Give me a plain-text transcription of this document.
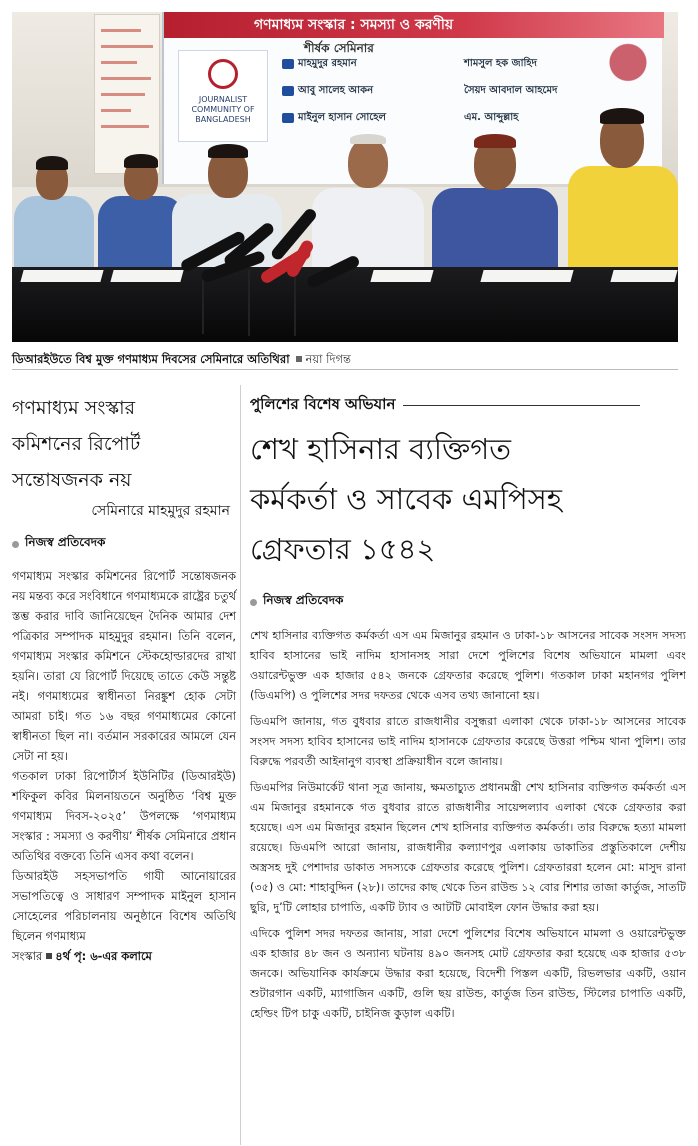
গণমাধ্যম সংস্কার : সমস্যা ও করণীয়
শীর্ষক সেমিনার
JOURNALIST COMMUNITY OF BANGLADESH
মাহমুদুর রহমান
আবু সালেহ আকন
মাইনুল হাসান সোহেল
শামসুল হক জাহিদ
সৈয়দ আবদাল আহমেদ
এম. আব্দুল্লাহ
ডিআরইউতে বিশ্ব মুক্ত গণমাধ্যম দিবসের সেমিনারে অতিথিরা নয়া দিগন্ত
গণমাধ্যম সংস্কার
কমিশনের রিপোর্ট
সন্তোষজনক নয়
সেমিনারে মাহমুদুর রহমান
নিজস্ব প্রতিবেদক

গণমাধ্যম সংস্কার কমিশনের রিপোর্ট সন্তোষজনক নয় মন্তব্য করে সংবিধানে গণমাধ্যমকে রাষ্ট্রের চতুর্থ স্তম্ভ করার দাবি জানিয়েছেন দৈনিক আমার দেশ পত্রিকার সম্পাদক মাহমুদুর রহমান। তিনি বলেন, গণমাধ্যম সংস্কার কমিশনে স্টেকহোল্ডারদের রাখা হয়নি। তারা যে রিপোর্ট দিয়েছে তাতে কেউ সন্তুষ্ট নই। গণমাধ্যমের স্বাধীনতা নিরঙ্কুশ হোক সেটা আমরা চাই। গত ১৬ বছর গণমাধ্যমের কোনো স্বাধীনতা ছিল না। বর্তমান সরকারের আমলে যেন সেটা না হয়।

গতকাল ঢাকা রিপোর্টার্স ইউনিটির (ডিআরইউ) শফিকুল কবির মিলনায়তনে অনুষ্ঠিত ‘বিশ্ব মুক্ত গণমাধ্যম দিবস-২০২৫’ উপলক্ষে ‘গণমাধ্যম সংস্কার : সমস্যা ও করণীয়’ শীর্ষক সেমিনারে প্রধান অতিথির বক্তব্যে তিনি এসব কথা বলেন।

ডিআরইউ সহসভাপতি গাযী আনোয়ারের সভাপতিত্বে ও সাধারণ সম্পাদক মাইনুল হাসান সোহেলের পরিচালনায় অনুষ্ঠানে বিশেষ অতিথি ছিলেন গণমাধ্যম

সংস্কার ৪র্থ পৃ: ৬-এর কলামে
পুলিশের বিশেষ অভিযান
শেখ হাসিনার ব্যক্তিগত
কর্মকর্তা ও সাবেক এমপিসহ
গ্রেফতার ১৫৪২
নিজস্ব প্রতিবেদক

শেখ হাসিনার ব্যক্তিগত কর্মকর্তা এস এম মিজানুর রহমান ও ঢাকা-১৮ আসনের সাবেক সংসদ সদস্য হাবিব হাসানের ভাই নাদিম হাসানসহ সারা দেশে পুলিশের বিশেষ অভিযানে মামলা এবং ওয়ারেন্টভুক্ত এক হাজার ৫৪২ জনকে গ্রেফতার করেছে পুলিশ। গতকাল ঢাকা মহানগর পুলিশ (ডিএমপি) ও পুলিশের সদর দফতর থেকে এসব তথ্য জানানো হয়।

ডিএমপি জানায়, গত বুধবার রাতে রাজধানীর বসুন্ধরা এলাকা থেকে ঢাকা-১৮ আসনের সাবেক সংসদ সদস্য হাবিব হাসানের ভাই নাদিম হাসানকে গ্রেফতার করেছে উত্তরা পশ্চিম থানা পুলিশ। তার বিরুদ্ধে পরবর্তী আইনানুগ ব্যবস্থা প্রক্রিয়াধীন বলে জানায়।

ডিএমপির নিউমার্কেট থানা সূত্র জানায়, ক্ষমতাচ্যুত প্রধানমন্ত্রী শেখ হাসিনার ব্যক্তিগত কর্মকর্তা এস এম মিজানুর রহমানকে গত বুধবার রাতে রাজধানীর সায়েন্সল্যাব এলাকা থেকে গ্রেফতার করা হয়েছে। এস এম মিজানুর রহমান ছিলেন শেখ হাসিনার ব্যক্তিগত কর্মকর্তা। তার বিরুদ্ধে হত্যা মামলা রয়েছে। ডিএমপি আরো জানায়, রাজধানীর কল্যাণপুর এলাকায় ডাকাতির প্রস্তুতিকালে দেশীয় অস্ত্রসহ দুই পেশাদার ডাকাত সদস্যকে গ্রেফতার করেছে পুলিশ। গ্রেফতাররা হলেন মো: মাসুদ রানা (৩৫) ও মো: শাহাবুদ্দিন (২৮)। তাদের কাছ থেকে তিন রাউন্ড ১২ বোর শিশার তাজা কার্তুজ, সাতটি ছুরি, দু’টি লোহার চাপাতি, একটি ট্যাব ও আটটি মোবাইল ফোন উদ্ধার করা হয়।

এদিকে পুলিশ সদর দফতর জানায়, সারা দেশে পুলিশের বিশেষ অভিযানে মামলা ও ওয়ারেন্টভুক্ত এক হাজার ৪৮ জন ও অন্যান্য ঘটনায় ৪৯০ জনসহ মোট গ্রেফতার করা হয়েছে এক হাজার ৫৩৮ জনকে। অভিযানিক কার্যক্রমে উদ্ধার করা হয়েছে, বিদেশী পিস্তল একটি, রিভলভার একটি, ওয়ান শুটারগান একটি, ম্যাগাজিন একটি, গুলি ছয় রাউন্ড, কার্তুজ তিন রাউন্ড, স্টিলের চাপাতি একটি, হেল্ডিং টিপ চাকু একটি, চাইনিজ কুড়াল একটি।
